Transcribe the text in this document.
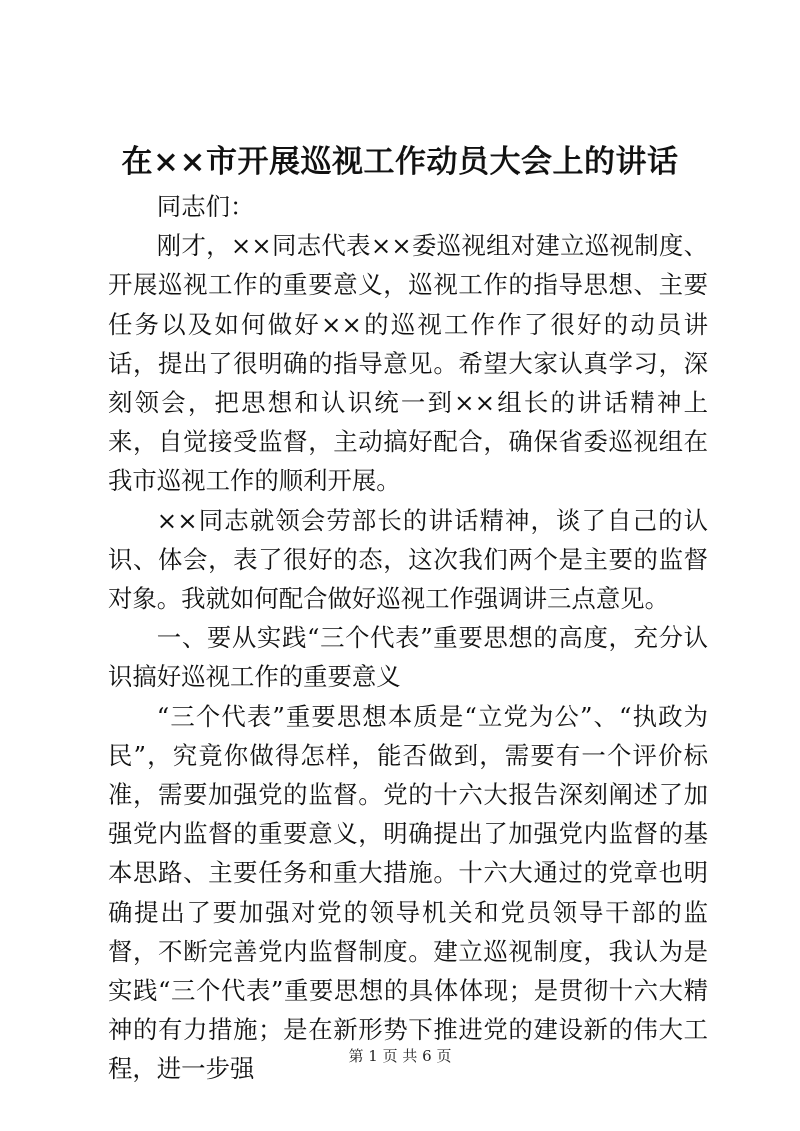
在××市开展巡视工作动员大会上的讲话

同志们：

刚才，××同志代表××委巡视组对建立巡视制度、开展巡视工作的重要意义，巡视工作的指导思想、主要任务以及如何做好××的巡视工作作了很好的动员讲话，提出了很明确的指导意见。希望大家认真学习，深刻领会，把思想和认识统一到××组长的讲话精神上来，自觉接受监督，主动搞好配合，确保省委巡视组在我市巡视工作的顺利开展。

××同志就领会劳部长的讲话精神，谈了自己的认识、体会，表了很好的态，这次我们两个是主要的监督对象。我就如何配合做好巡视工作强调讲三点意见。

一、要从实践“三个代表”重要思想的高度，充分认识搞好巡视工作的重要意义

“三个代表”重要思想本质是“立党为公”、“执政为民”，究竟你做得怎样，能否做到，需要有一个评价标准，需要加强党的监督。党的十六大报告深刻阐述了加强党内监督的重要意义，明确提出了加强党内监督的基本思路、主要任务和重大措施。十六大通过的党章也明确提出了要加强对党的领导机关和党员领导干部的监督，不断完善党内监督制度。建立巡视制度，我认为是实践“三个代表”重要思想的具体体现；是贯彻十六大精神的有力措施；是在新形势下推进党的建设新的伟大工程，进一步强	第 1 页 共 6 页
